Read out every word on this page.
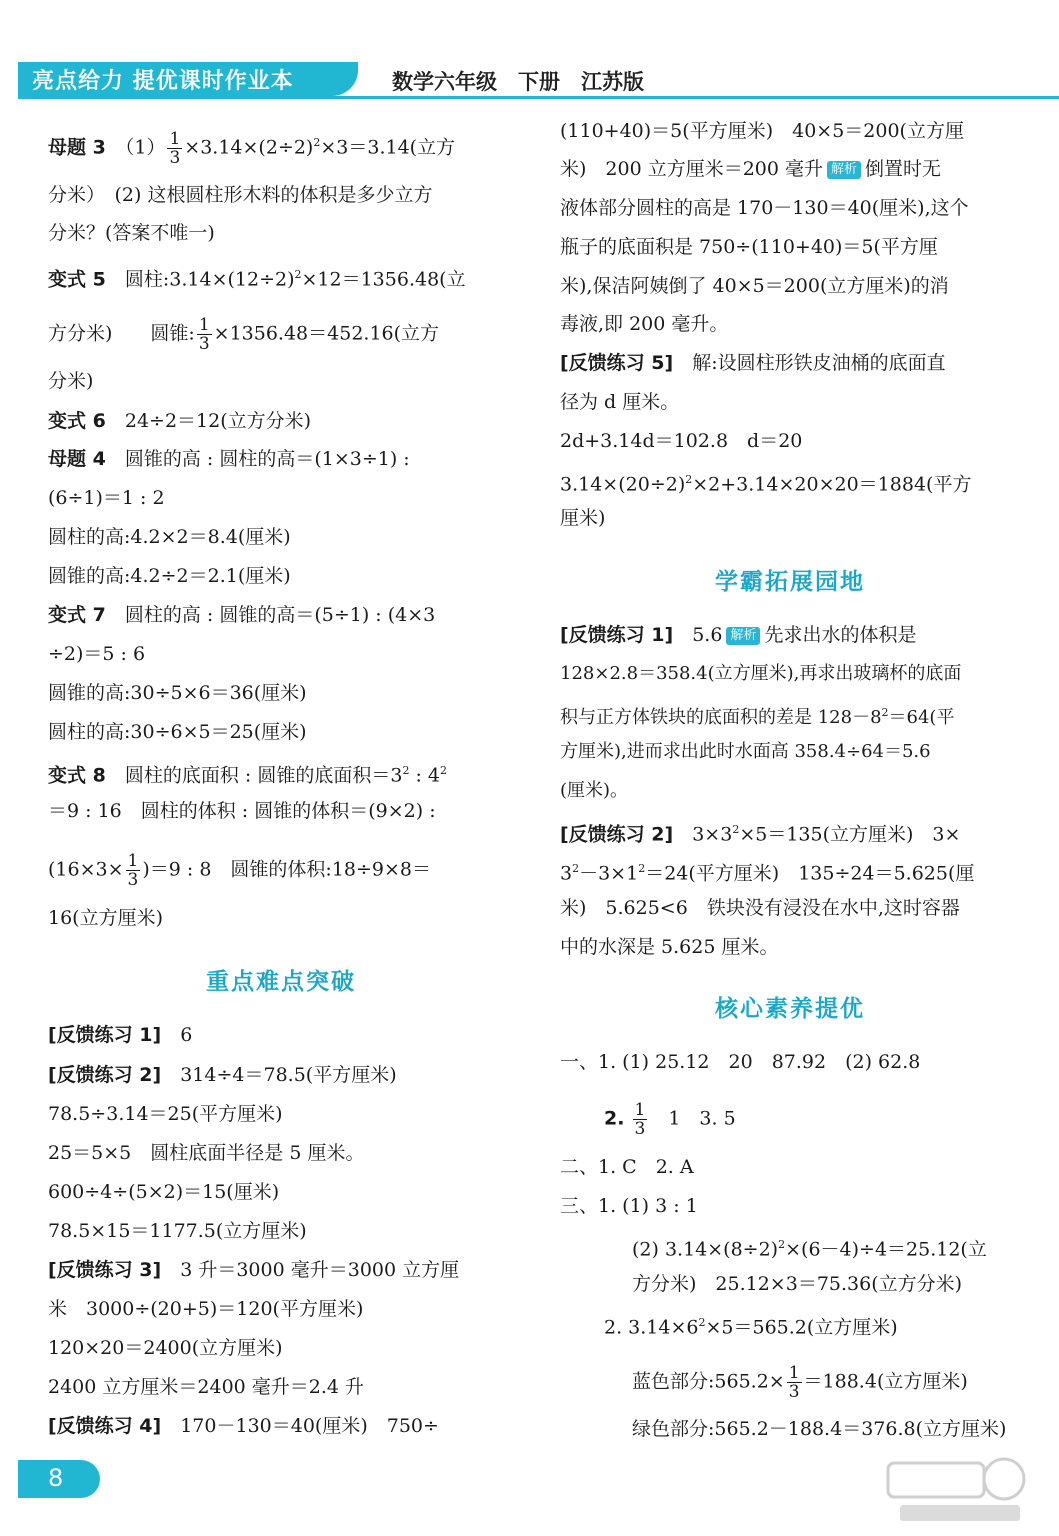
亮点给力 提优课时作业本	数学六年级　下册　江苏版
母题 3　 $(1) \frac{1}{3} \times 3.14\times(2\div 2)^2\times 3=3.14$(立方
分米）　(2) 这根圆柱形木料的体积是多少立方
分米？(答案不唯一)
变式 5　 圆柱$:3.14\times(12\div 2)^2\times 12=1356.48$(立
方分米)　　圆锥: $\frac{1}{3} \times 1356.48=452.16$(立方
分米)
变式 6　 24÷2＝12(立方分米)
母题 4　 圆锥的高 : 圆柱的高＝(1×3÷1) :
(6÷1)＝1 : 2
圆柱的高:4.2×2＝8.4(厘米)
圆锥的高:4.2÷2＝2.1(厘米)
变式 7　 圆柱的高 : 圆锥的高＝(5÷1) : (4×3
÷2)＝5 : 6
圆锥的高:30÷5×6＝36(厘米)
圆柱的高:30÷6×5＝25(厘米)
变式 8　 圆柱的底面积 : 圆锥的底面积$=3^2$ : $4^2$
＝9 : 16　圆柱的体积 : 圆锥的体积＝(9×2) :
$(16\times 3\times \frac{1}{3} )=9$ : 8　圆锥的体积:18÷9×8＝
16(立方厘米)
重点难点突破
[反馈练习 1]　 6
[反馈练习 2]　 314÷4＝78.5(平方厘米)
78.5÷3.14＝25(平方厘米)
25＝5×5　圆柱底面半径是 5 厘米。
600÷4÷(5×2)＝15(厘米)
78.5×15＝1177.5(立方厘米)
[反馈练习 3]　 3 升＝3000 毫升＝3000 立方厘
米　3000÷(20+5)＝120(平方厘米)
120×20＝2400(立方厘米)
2400 立方厘米＝2400 毫升＝2.4 升
[反馈练习 4]　 170－130＝40(厘米)　750÷
(110+40)＝5(平方厘米)　40×5＝200(立方厘
米)　200 立方厘米＝200 毫升 解析 倒置时无
液体部分圆柱的高是 170－130＝40(厘米),这个
瓶子的底面积是 750÷(110+40)＝5(平方厘
米),保洁阿姨倒了 40×5＝200(立方厘米)的消
毒液,即 200 毫升。
[反馈练习 5]　 解:设圆柱形铁皮油桶的底面直
径为 d 厘米。
2d+3.14d＝102.8　d＝20
$3.14\times(20\div 2)^2\times 2+3.14\times 20\times 20=1884$(平方
厘米)
学霸拓展园地
[反馈练习 1]　 5.6 解析 先求出水的体积是
128×2.8＝358.4(立方厘米),再求出玻璃杯的底面
积与正方体铁块的底面积的差是 $128-8^2=64$(平
方厘米),进而求出此时水面高 358.4÷64＝5.6
(厘米)。
[反馈练习 2]　 $3\times 3^2\times 5=135$(立方厘米)　3×
$3^2-3\times 1^2=24$(平方厘米)　135÷24＝5.625(厘
米)　5.625<6　铁块没有浸没在水中,这时容器
中的水深是 5.625 厘米。
核心素养提优
一、1. (1) 25.12　20　87.92　(2) 62.8
2. $\frac{1}{3}$
　 1　3. 5
二、1. C　2. A
三、1. (1) 3 : 1
(2) $3.14\times(8\div 2)^2\times(6-4)\div 4=25.12$(立
方分米)　25.12×3＝75.36(立方分米)
2. $3.14\times 6^2\times 5=565.2$(立方厘米)
蓝色部分:565.2× $\frac{1}{3} =188.4$(立方厘米)
绿色部分:565.2－188.4＝376.8(立方厘米)
8
